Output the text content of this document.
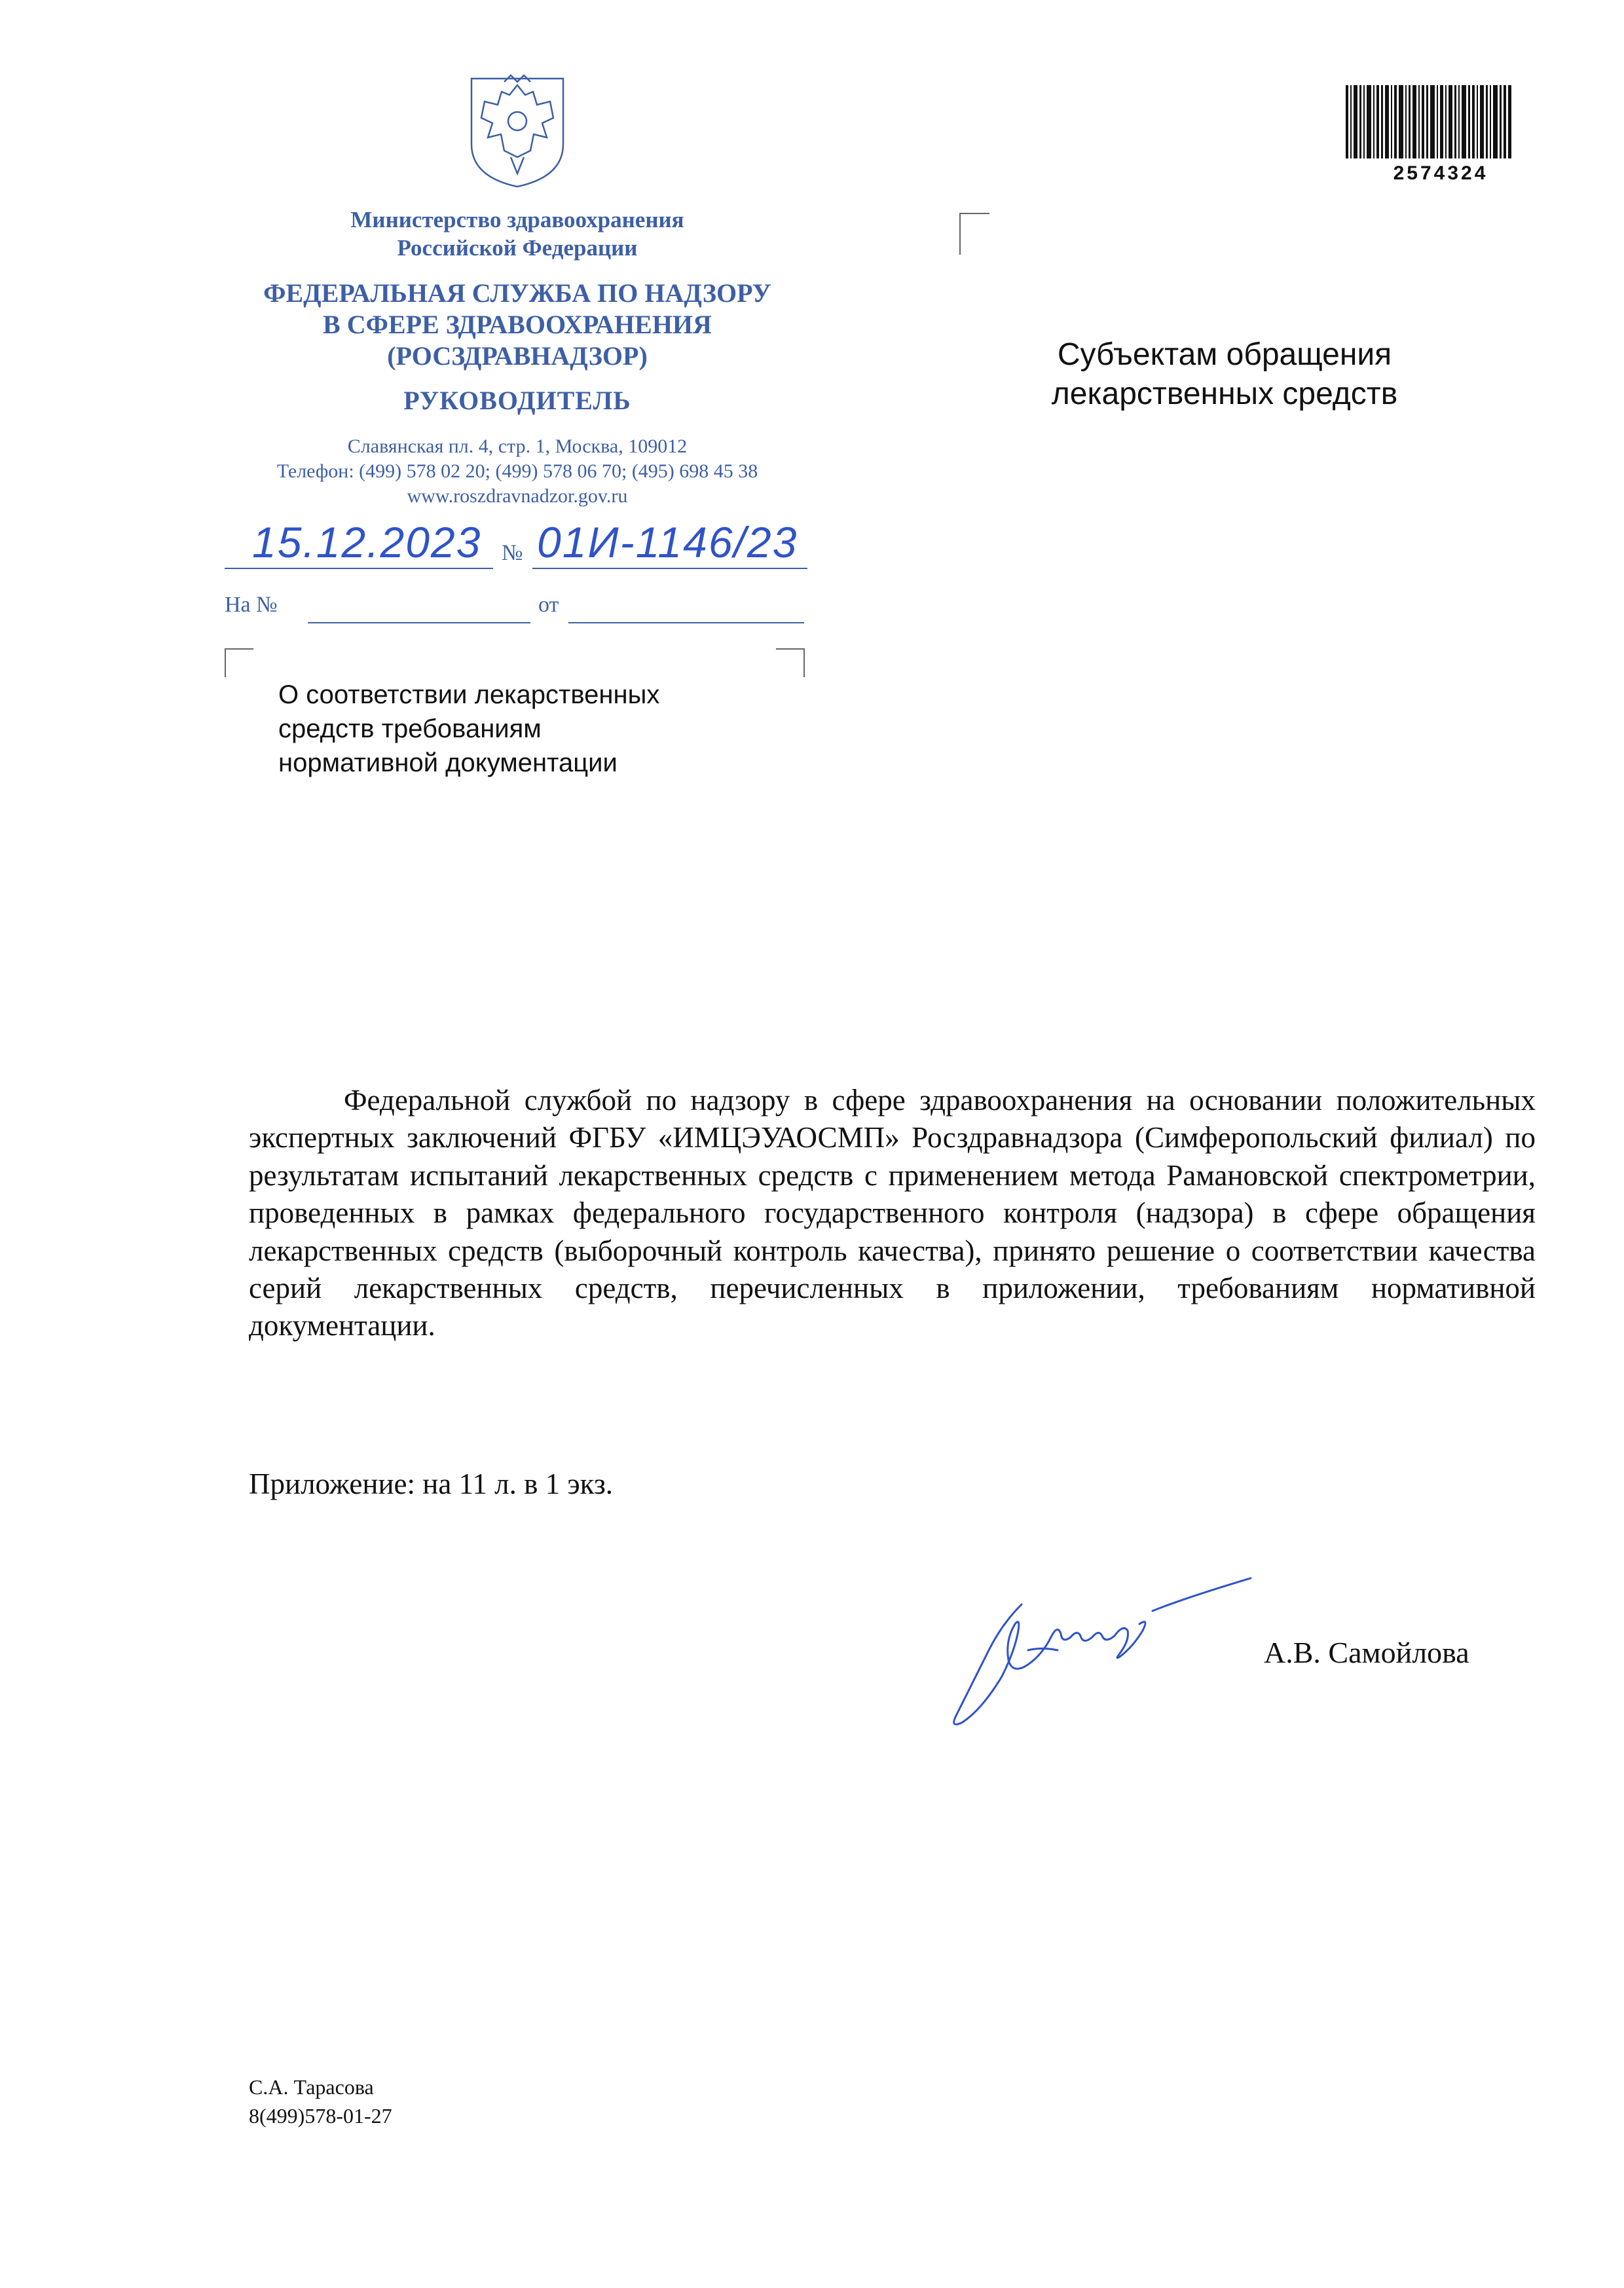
Министерство здравоохранения
Российской Федерации
ФЕДЕРАЛЬНАЯ СЛУЖБА ПО НАДЗОРУ
В СФЕРЕ ЗДРАВООХРАНЕНИЯ
(РОСЗДРАВНАДЗОР)
РУКОВОДИТЕЛЬ
Славянская пл. 4, стр. 1, Москва, 109012
Телефон: (499) 578 02 20; (499) 578 06 70; (495) 698 45 38
www.roszdravnadzor.gov.ru
15.12.2023 № 01И-1146/23
На №	от
О соответствии лекарственных
средств требованиям
нормативной документации
Субъектам обращения
лекарственных средств
2574324
Федеральной службой по надзору в сфере здравоохранения на основании положительных экспертных заключений ФГБУ «ИМЦЭУАОСМП» Росздравнадзора (Симферопольский филиал) по результатам испытаний лекарственных средств с применением метода Рамановской спектрометрии, проведенных в рамках федерального государственного контроля (надзора) в сфере обращения лекарственных средств (выборочный контроль качества), принято решение о соответствии качества серий лекарственных средств, перечисленных в приложении, требованиям нормативной документации.
Приложение: на 11 л. в 1 экз.
А.В. Самойлова
С.А. Тарасова
8(499)578-01-27
